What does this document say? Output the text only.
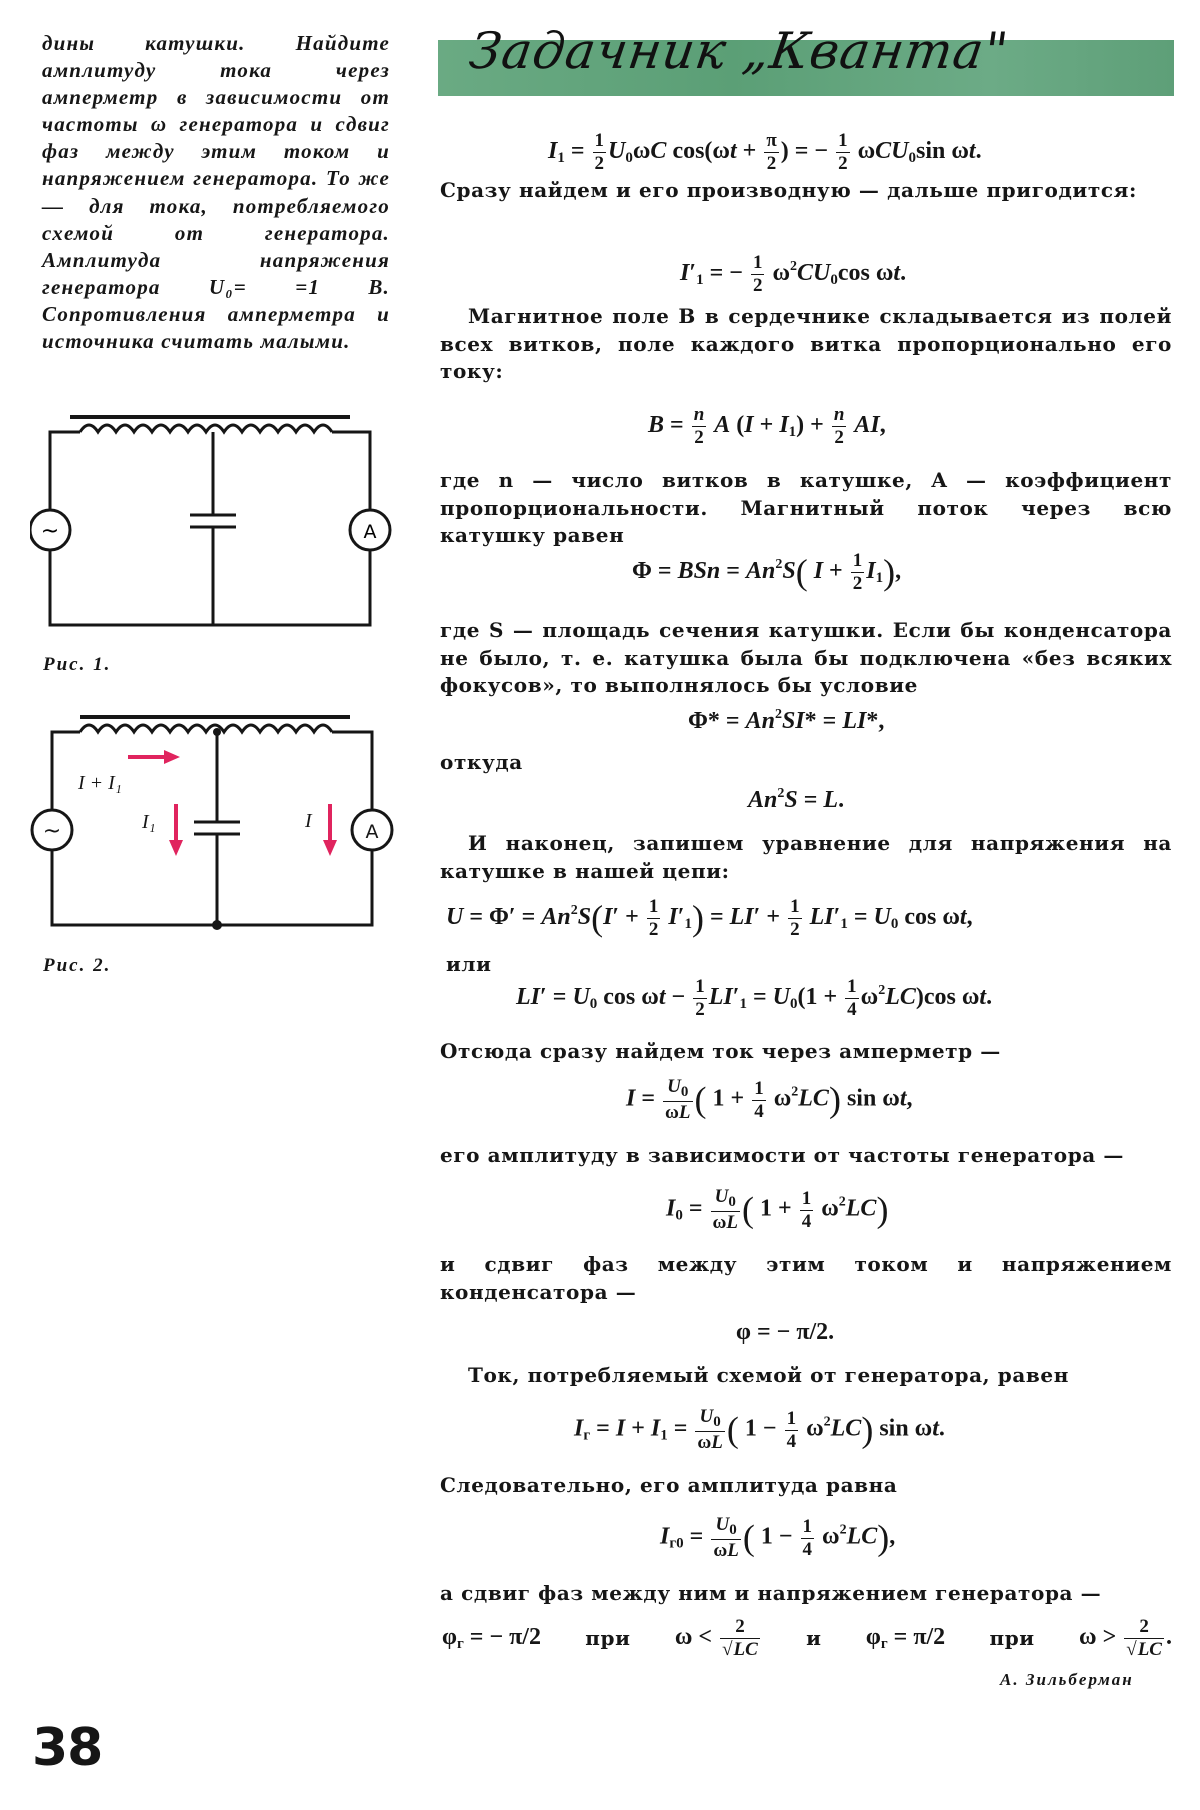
дины катушки. Найдите амплитуду тока через амперметр в зависимости от частоты ω генератора и сдвиг фаз между этим током и напряжением генератора. То же — для тока, потребляемого схемой от генератора. Амплитуда напряжения генератора U₀= =1 В. Сопротивления амперметра и источника считать малыми.
~	A
Рис. 1.
I + I₁
I₁	I
~	A
Рис. 2.
38
Задачник „Кванта"
$I_1 = \frac{1}{2} U_0\omega C$ $\cos(\omega t + \frac{\pi}{2}$ ) = − $\frac{1}{2} \omega CU_0\sin$ ωt.
Сразу найдем и его производную — дальше пригодится:
$I'_1$ = − $\frac{1}{2} \omega^2CU_0\cos$ ωt.
Магнитное поле B в сердечнике складывается из полей всех витков, поле каждого витка пропорционально его току:
$B = \frac{n}{2}$ A $(I + I_1) + \frac{n}{2}$ AI,
где n — число витков в катушке, A — коэффициент пропорциональности. Магнитный поток через всю катушку равен
Φ = BSn = $An^2S$( $I + \frac{1}{2} I_1$),
где S — площадь сечения катушки. Если бы конденсатора не было, т. е. катушка была бы подключена «без всяких фокусов», то выполнялось бы условие
$\Phi* = An^2SI* = LI*$,
откуда
$An^2S = L$.
И наконец, запишем уравнение для напряжения на катушке в нашей цепи:
$U = \Phi' = An^2S(I' + \frac{1}{2} I'_1) = LI' + \frac{1}{2} LI'_1 = U_0$ cos ωt,
или
$LI' = U_0$ $\cos \omega t - \frac{1}{2} LI'_1 = U_0(1 + \frac{1}{4} \omega^2LC)\cos$ ωt.
Отсюда сразу найдем ток через амперметр —
$I = \frac{U_0}{\omega L}$ ( $1 + \frac{1}{4} \omega^2LC$) sin ωt,
его амплитуду в зависимости от частоты генератора —
$I_0 = \frac{U_0}{\omega L}$ ( $1 + \frac{1}{4} \omega^2LC$)
и сдвиг фаз между этим током и напряжением конденсатора —
φ = − π/2.
Ток, потребляемый схемой от генератора, равен
$I_г = I + I_1 = \frac{U_0}{\omega L}$ ( $1 - \frac{1}{4} \omega^2LC$) sin ωt.
Следовательно, его амплитуда равна
$I_{г0} = \frac{U_0}{\omega L}$ ( $1 - \frac{1}{4} \omega^2LC$),
а сдвиг фаз между ним и напряжением генератора —
$\varphi_г$ = − π/2 при $\omega < \frac{2}{√LC}$ и $\varphi_г = \pi/2$ при $\omega > \frac{2}{√LC}$ .
А. Зильберман
